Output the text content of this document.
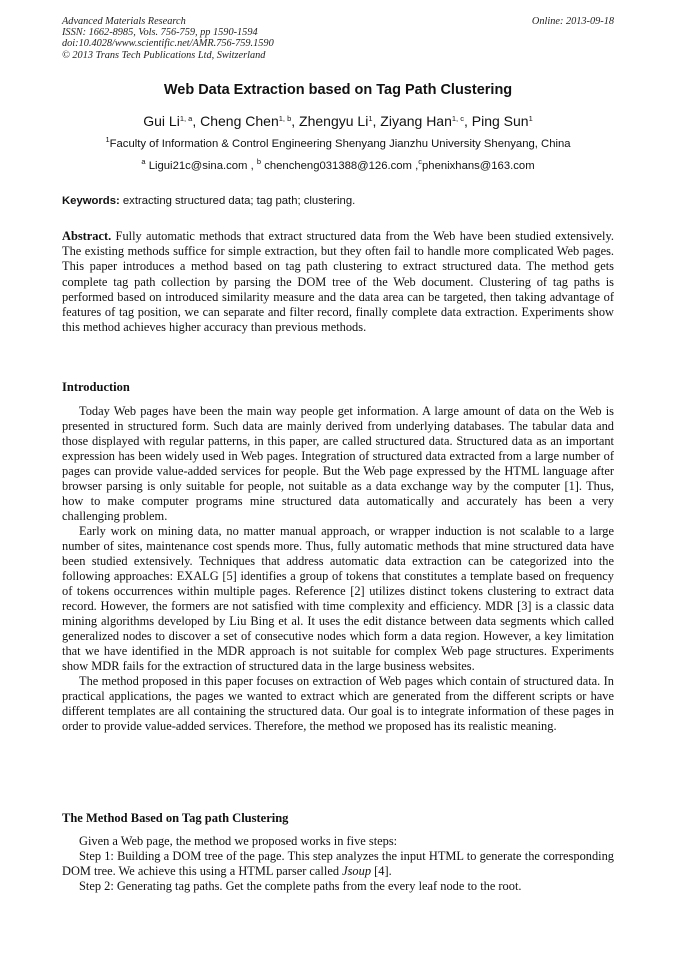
Advanced Materials Research
ISSN: 1662-8985, Vols. 756-759, pp 1590-1594
doi:10.4028/www.scientific.net/AMR.756-759.1590
© 2013 Trans Tech Publications Ltd, Switzerland
Online: 2013-09-18
Web Data Extraction based on Tag Path Clustering
Gui Li$^{1, a}$, Cheng Chen$^{1, b}$, Zhengyu Li$^1$, Ziyang Han$^{1, c}$, Ping Sun$^1$
$^1$Faculty of Information & Control Engineering Shenyang Jianzhu University Shenyang, China
$^a$ Ligui21c@sina.com , $^b$ chencheng031388@126.com ,$^c$phenixhans@163.com
Keywords: extracting structured data; tag path; clustering.
Abstract. Fully automatic methods that extract structured data from the Web have been studied extensively. The existing methods suffice for simple extraction, but they often fail to handle more complicated Web pages. This paper introduces a method based on tag path clustering to extract structured data. The method gets complete tag path collection by parsing the DOM tree of the Web document. Clustering of tag paths is performed based on introduced similarity measure and the data area can be targeted, then taking advantage of features of tag position, we can separate and filter record, finally complete data extraction. Experiments show this method achieves higher accuracy than previous methods.
Introduction

Today Web pages have been the main way people get information. A large amount of data on the Web is presented in structured form. Such data are mainly derived from underlying databases. The tabular data and those displayed with regular patterns, in this paper, are called structured data. Structured data as an important expression has been widely used in Web pages. Integration of structured data extracted from a large number of pages can provide value-added services for people. But the Web page expressed by the HTML language after browser parsing is only suitable for people, not suitable as a data exchange way by the computer [1]. Thus, how to make computer programs mine structured data automatically and accurately has been a very challenging problem.

Early work on mining data, no matter manual approach, or wrapper induction is not scalable to a large number of sites, maintenance cost spends more. Thus, fully automatic methods that mine structured data have been studied extensively. Techniques that address automatic data extraction can be categorized into the following approaches: EXALG [5] identifies a group of tokens that constitutes a template based on frequency of tokens occurrences within multiple pages. Reference [2] utilizes distinct tokens clustering to extract data record. However, the formers are not satisfied with time complexity and efficiency. MDR [3] is a classic data mining algorithms developed by Liu Bing et al. It uses the edit distance between data segments which called generalized nodes to discover a set of consecutive nodes which form a data region. However, a key limitation that we have identified in the MDR approach is not suitable for complex Web page structures. Experiments show MDR fails for the extraction of structured data in the large business websites.

The method proposed in this paper focuses on extraction of Web pages which contain of structured data. In practical applications, the pages we wanted to extract which are generated from the different scripts or have different templates are all containing the structured data. Our goal is to integrate information of these pages in order to provide value-added services. Therefore, the method we proposed has its realistic meaning.

The Method Based on Tag path Clustering

Given a Web page, the method we proposed works in five steps:

Step 1: Building a DOM tree of the page. This step analyzes the input HTML to generate the corresponding DOM tree. We achieve this using a HTML parser called Jsoup [4].

Step 2: Generating tag paths. Get the complete paths from the every leaf node to the root.
